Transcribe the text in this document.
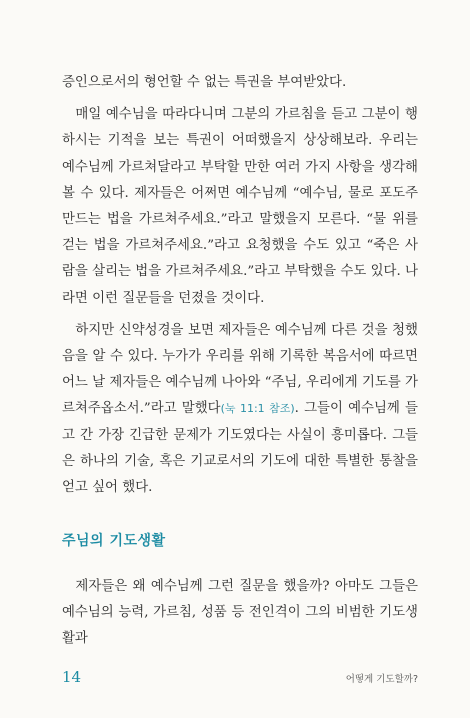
증인으로서의 형언할 수 없는 특권을 부여받았다.

매일 예수님을 따라다니며 그분의 가르침을 듣고 그분이 행하시는 기적을 보는 특권이 어떠했을지 상상해보라. 우리는 예수님께 가르쳐달라고 부탁할 만한 여러 가지 사항을 생각해볼 수 있다. 제자들은 어쩌면 예수님께 “예수님, 물로 포도주 만드는 법을 가르쳐주세요.”라고 말했을지 모른다. “물 위를 걷는 법을 가르쳐주세요.”라고 요청했을 수도 있고 “죽은 사람을 살리는 법을 가르쳐주세요.”라고 부탁했을 수도 있다. 나라면 이런 질문들을 던졌을 것이다.

하지만 신약성경을 보면 제자들은 예수님께 다른 것을 청했음을 알 수 있다. 누가가 우리를 위해 기록한 복음서에 따르면 어느 날 제자들은 예수님께 나아와 “주님, 우리에게 기도를 가르쳐주옵소서.”라고 말했다(눅 11:1 참조). 그들이 예수님께 들고 간 가장 긴급한 문제가 기도였다는 사실이 흥미롭다. 그들은 하나의 기술, 혹은 기교로서의 기도에 대한 특별한 통찰을 얻고 싶어 했다.

주님의 기도생활

제자들은 왜 예수님께 그런 질문을 했을까? 아마도 그들은 예수님의 능력, 가르침, 성품 등 전인격이 그의 비범한 기도생활과

14	어떻게 기도할까?
